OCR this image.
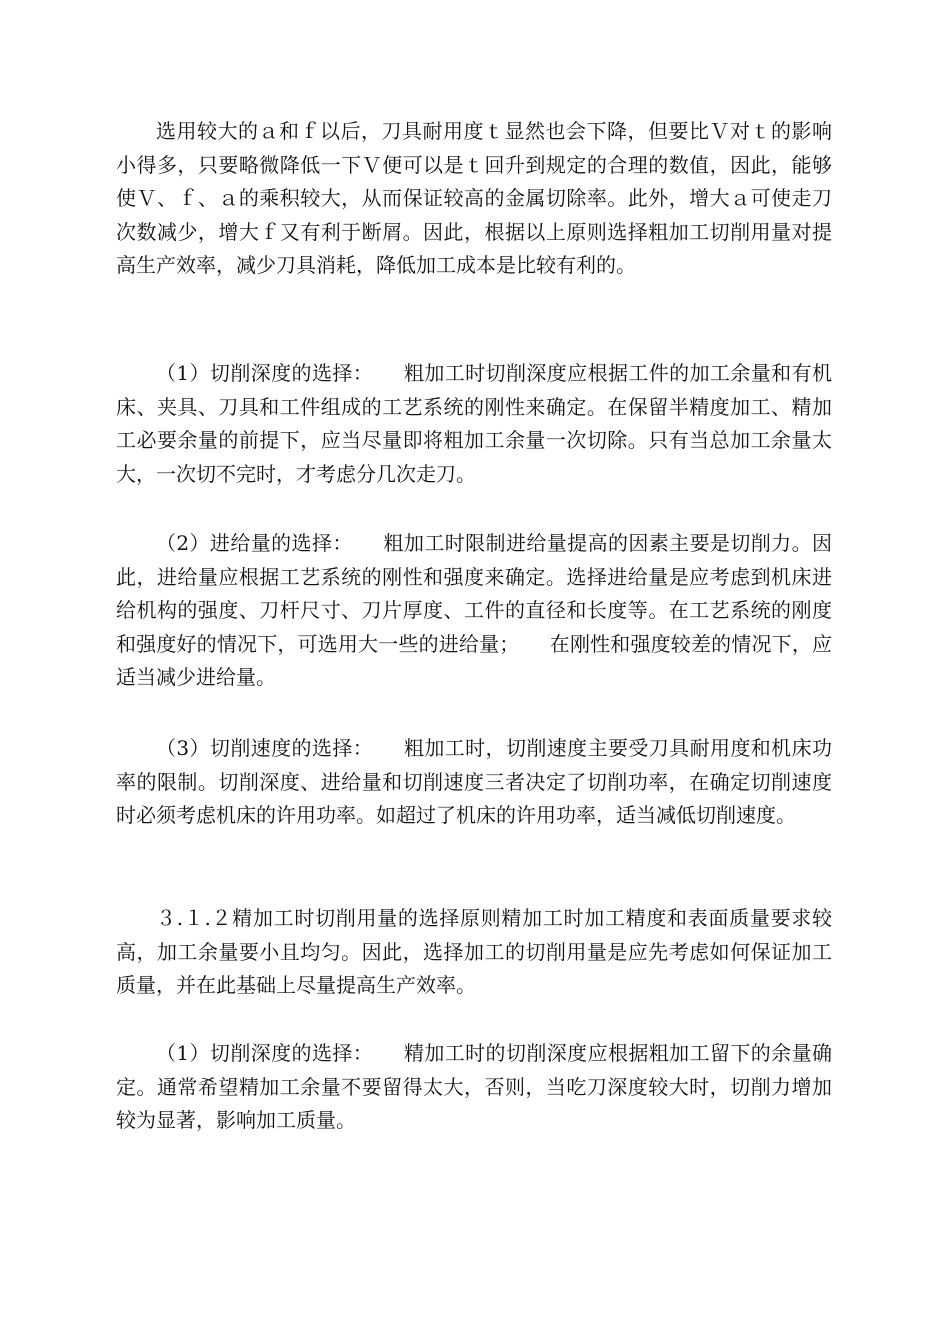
选用较大的ａ和ｆ以后，刀具耐用度ｔ显然也会下降，但要比Ｖ对ｔ的影响小得多，只要略微降低一下Ｖ便可以是ｔ回升到规定的合理的数值，因此，能够使Ｖ、ｆ、ａ的乘积较大，从而保证较高的金属切除率。此外，增大ａ可使走刀次数减少，增大ｆ又有利于断屑。因此，根据以上原则选择粗加工切削用量对提高生产效率，减少刀具消耗，降低加工成本是比较有利的。

（1）切削深度的选择：　　粗加工时切削深度应根据工件的加工余量和有机床、夹具、刀具和工件组成的工艺系统的刚性来确定。在保留半精度加工、精加工必要余量的前提下，应当尽量即将粗加工余量一次切除。只有当总加工余量太大，一次切不完时，才考虑分几次走刀。

（2）进给量的选择：　　粗加工时限制进给量提高的因素主要是切削力。因此，进给量应根据工艺系统的刚性和强度来确定。选择进给量是应考虑到机床进给机构的强度、刀杆尺寸、刀片厚度、工件的直径和长度等。在工艺系统的刚度和强度好的情况下，可选用大一些的进给量；　　在刚性和强度较差的情况下，应适当减少进给量。

（3）切削速度的选择：　　粗加工时，切削速度主要受刀具耐用度和机床功率的限制。切削深度、进给量和切削速度三者决定了切削功率，在确定切削速度时必须考虑机床的许用功率。如超过了机床的许用功率，适当减低切削速度。

３.１.２精加工时切削用量的选择原则精加工时加工精度和表面质量要求较高，加工余量要小且均匀。因此，选择加工的切削用量是应先考虑如何保证加工质量，并在此基础上尽量提高生产效率。

（1）切削深度的选择：　　精加工时的切削深度应根据粗加工留下的余量确定。通常希望精加工余量不要留得太大，否则，当吃刀深度较大时，切削力增加较为显著，影响加工质量。
